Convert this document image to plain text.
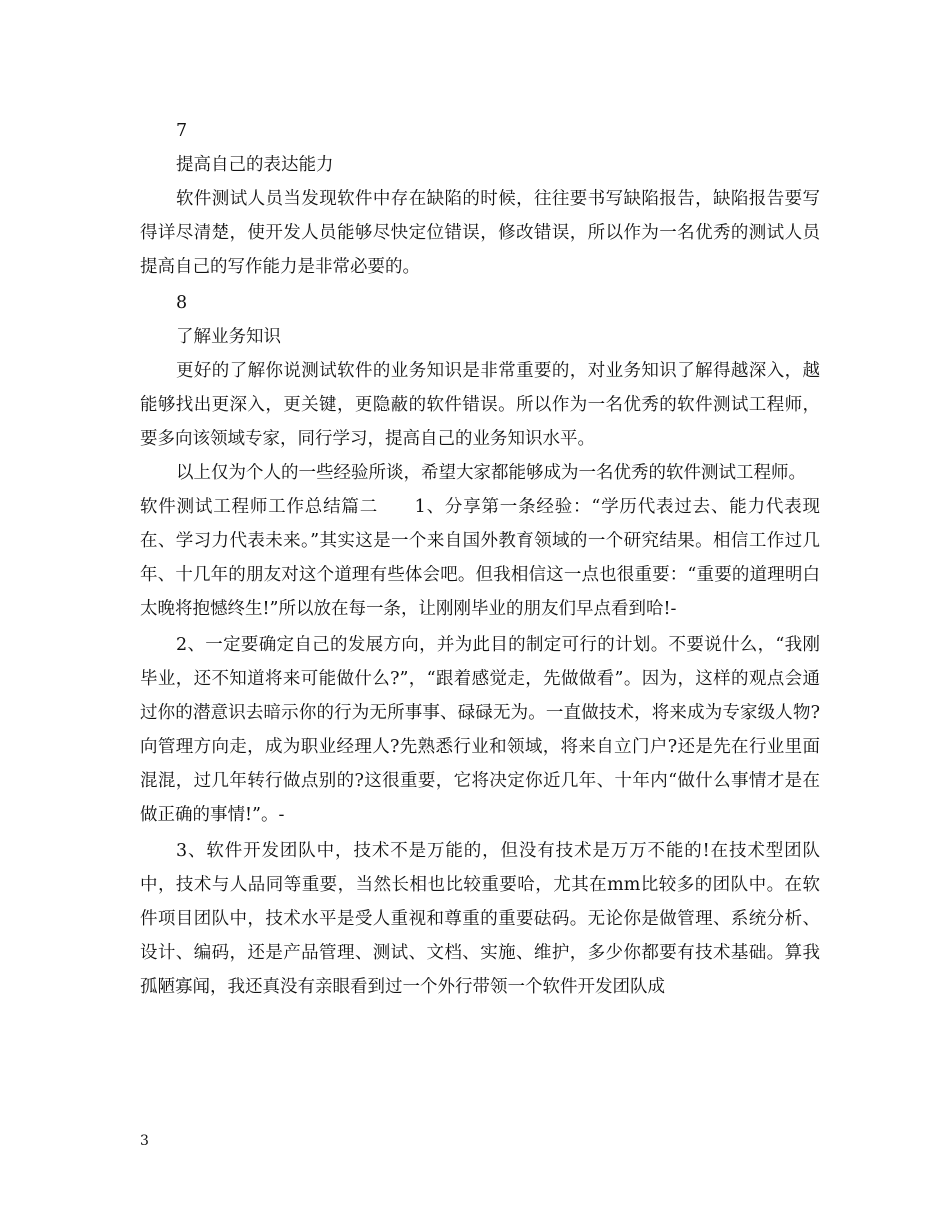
7

提高自己的表达能力

软件测试人员当发现软件中存在缺陷的时候，往往要书写缺陷报告，缺陷报告要写得详尽清楚，使开发人员能够尽快定位错误，修改错误，所以作为一名优秀的测试人员提高自己的写作能力是非常必要的。

8

了解业务知识

更好的了解你说测试软件的业务知识是非常重要的，对业务知识了解得越深入，越能够找出更深入，更关键，更隐蔽的软件错误。所以作为一名优秀的软件测试工程师，要多向该领域专家，同行学习，提高自己的业务知识水平。

以上仅为个人的一些经验所谈，希望大家都能够成为一名优秀的软件测试工程师。

软件测试工程师工作总结篇二　　1、分享第一条经验：“学历代表过去、能力代表现在、学习力代表未来。”其实这是一个来自国外教育领域的一个研究结果。相信工作过几年、十几年的朋友对这个道理有些体会吧。但我相信这一点也很重要：“重要的道理明白太晚将抱憾终生!”所以放在每一条，让刚刚毕业的朋友们早点看到哈!-

2、一定要确定自己的发展方向，并为此目的制定可行的计划。不要说什么，“我刚毕业，还不知道将来可能做什么?”，“跟着感觉走，先做做看”。因为，这样的观点会通过你的潜意识去暗示你的行为无所事事、碌碌无为。一直做技术，将来成为专家级人物?向管理方向走，成为职业经理人?先熟悉行业和领域，将来自立门户?还是先在行业里面混混，过几年转行做点别的?这很重要，它将决定你近几年、十年内“做什么事情才是在做正确的事情!”。-

3、软件开发团队中，技术不是万能的，但没有技术是万万不能的!在技术型团队中，技术与人品同等重要，当然长相也比较重要哈，尤其在mm比较多的团队中。在软件项目团队中，技术水平是受人重视和尊重的重要砝码。无论你是做管理、系统分析、设计、编码，还是产品管理、测试、文档、实施、维护，多少你都要有技术基础。算我孤陋寡闻，我还真没有亲眼看到过一个外行带领一个软件开发团队成

3
